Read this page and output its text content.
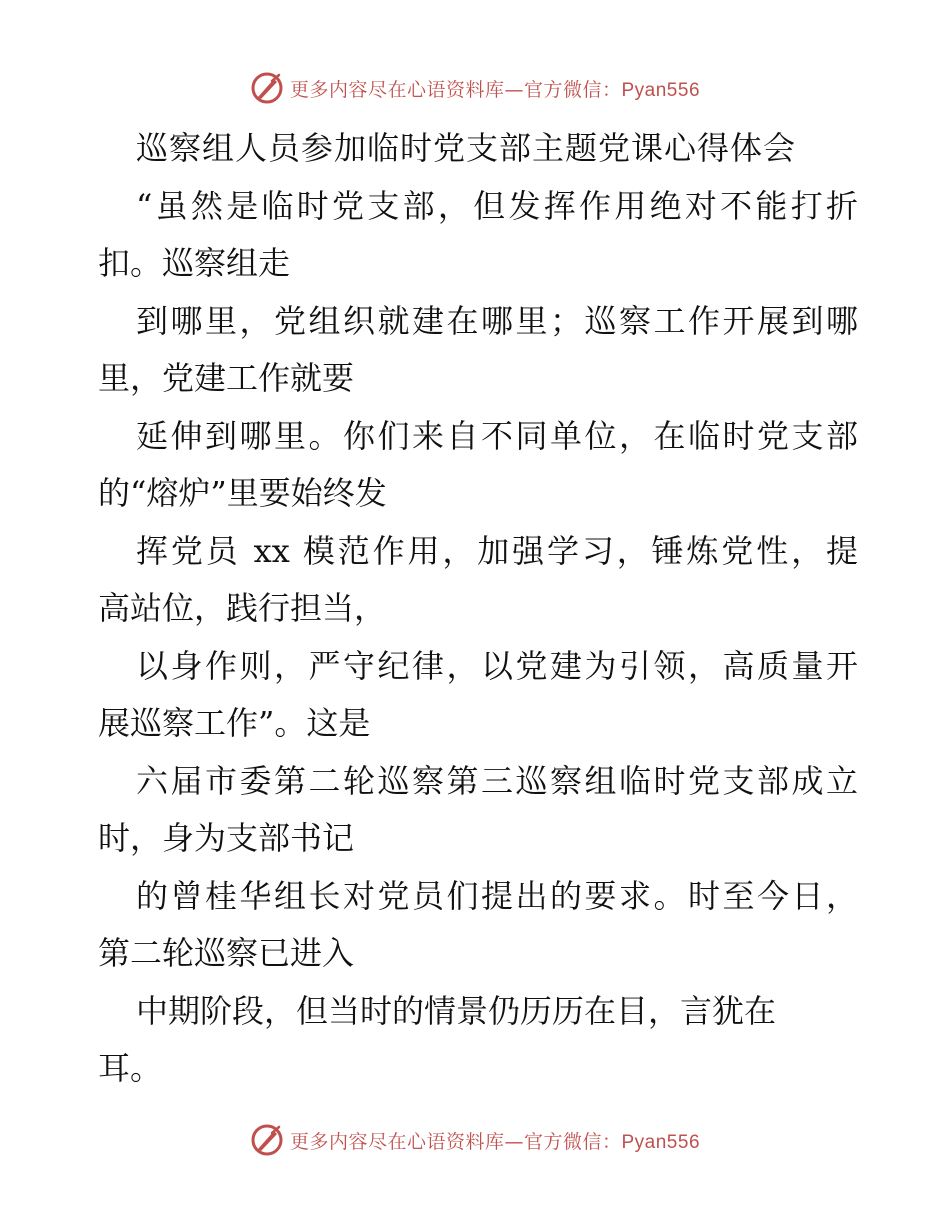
更多内容尽在心语资料库—官方微信：Pyan556
巡察组人员参加临时党支部主题党课心得体会
“虽然是临时党支部，但发挥作用绝对不能打折
扣。巡察组走
到哪里，党组织就建在哪里；巡察工作开展到哪
里，党建工作就要
延伸到哪里。你们来自不同单位，在临时党支部
的“熔炉”里要始终发
挥党员 xx 模范作用，加强学习，锤炼党性，提
高站位，践行担当，
以身作则，严守纪律，以党建为引领，高质量开
展巡察工作”。这是
六届市委第二轮巡察第三巡察组临时党支部成立
时，身为支部书记
的曾桂华组长对党员们提出的要求。时至今日，
第二轮巡察已进入
中期阶段，但当时的情景仍历历在目，言犹在
耳。
更多内容尽在心语资料库—官方微信：Pyan556
